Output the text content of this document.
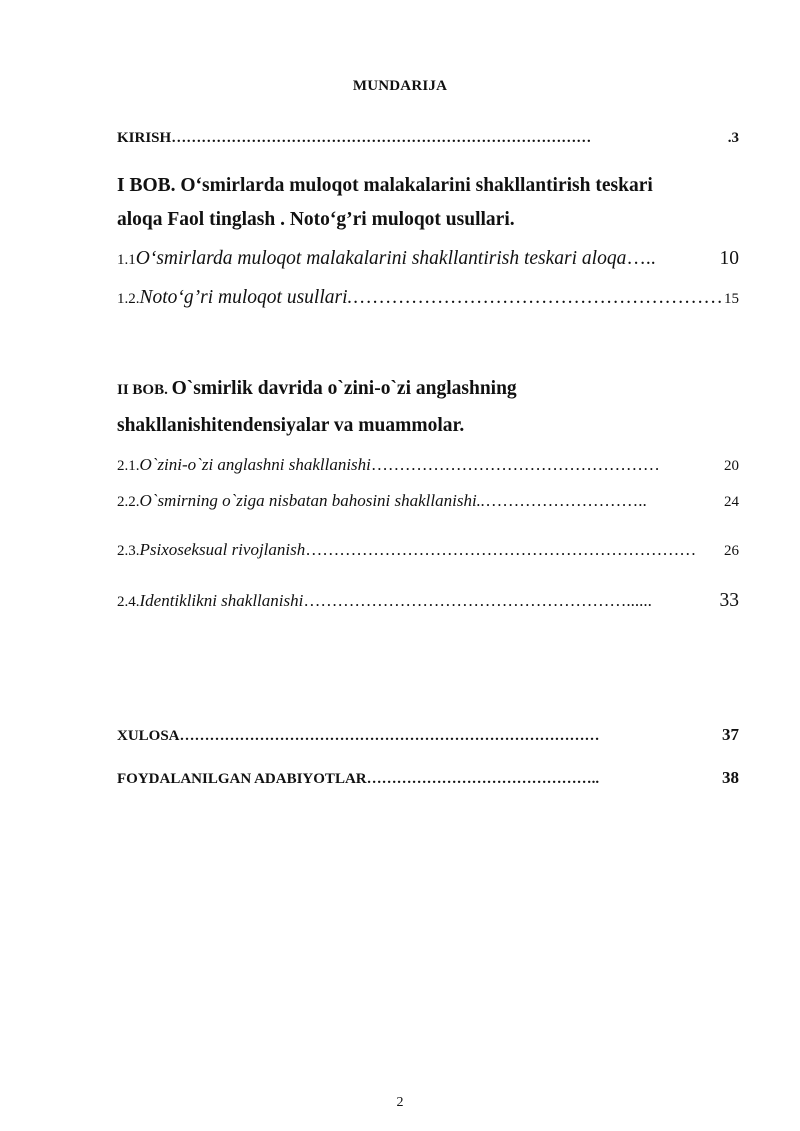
MUNDARIJA
KIRISH …………………………………………………………………………	.3
I BOB. O‘smirlarda muloqot malakalarini shakllantirish teskari
aloqa Faol tinglash . Noto‘g’ri muloqot usullari.
1.1 O‘smirlarda muloqot malakalarini shakllantirish teskari aloqa …..	10
1.2. Noto‘g’ri muloqot usullari. ………………………………………………… 15
II BOB. O`smirlik davrida o`zini-o`zi anglashning
shakllanishitendensiyalar va muammolar.
2.1. O`zini-o`zi anglashni shakllanishi ……………………………………………	20
2.2. O`smirning o`ziga nisbatan bahosini shakllanishi.. ………………………..	24
2.3. Psixoseksual rivojlanish ……………………………………………………………	26
2.4. Identiklikni shakllanishi …………………………………………………......	33
XULOSA …………………………………………………………………………	37
FOYDALANILGAN ADABIYOTLAR ………………………………………..	38
2
